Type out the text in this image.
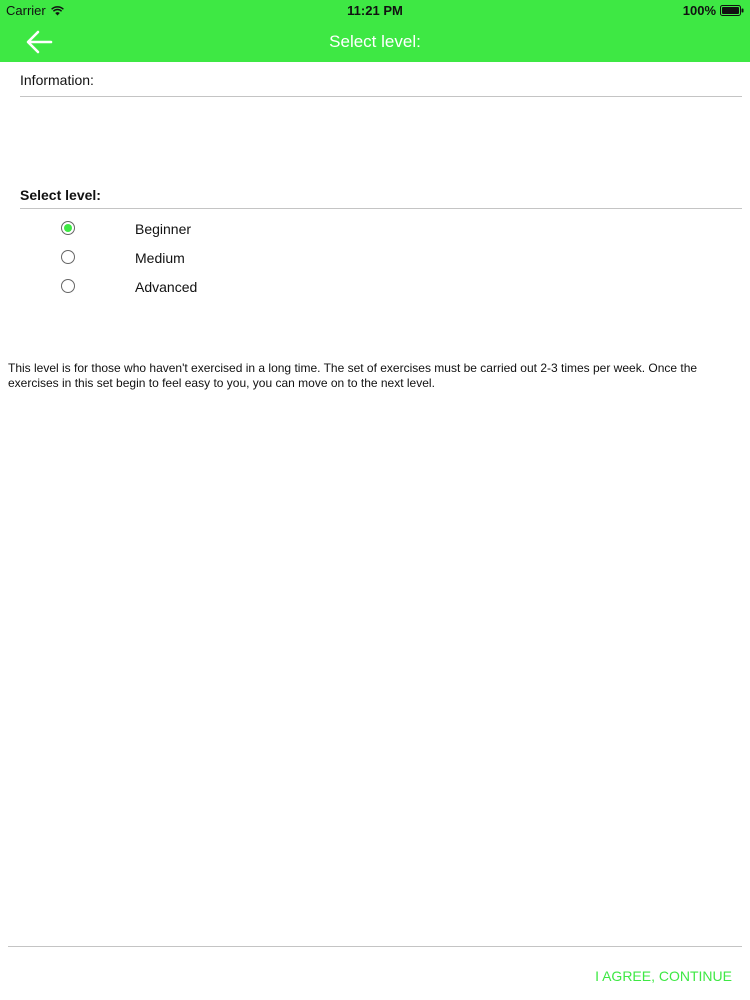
Carrier	11:21 PM	100%
Select level:
Information:
Select level:
Beginner
Medium
Advanced
This level is for those who haven't exercised in a long time. The set of exercises must be carried out 2-3 times per week. Once the exercises in this set begin to feel easy to you, you can move on to the next level.
I AGREE, CONTINUE
